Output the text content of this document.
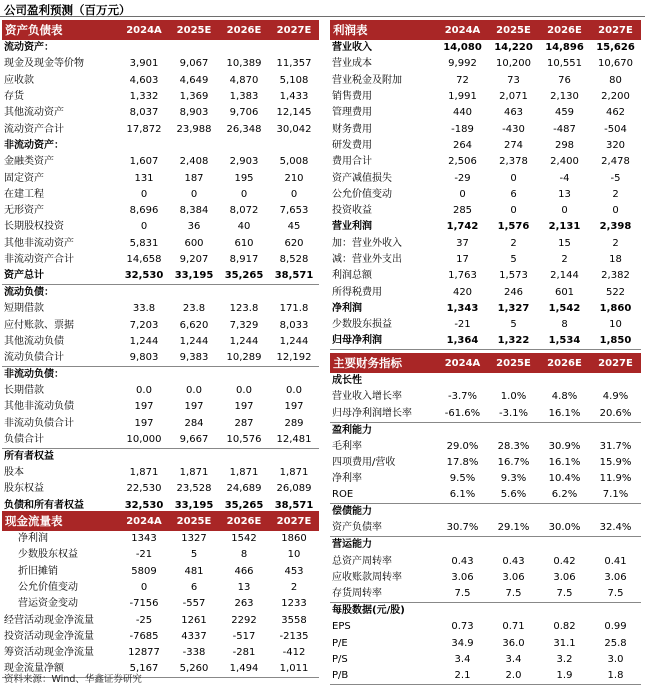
公司盈利预测（百万元）
资产负债表	2024A	2025E	2026E	2027E
流动资产：				
现金及现金等价物	3,901	9,067	10,389	11,357
应收款	4,603	4,649	4,870	5,108
存货	1,332	1,369	1,383	1,433
其他流动资产	8,037	8,903	9,706	12,145
流动资产合计	17,872	23,988	26,348	30,042
非流动资产：				
金融类资产	1,607	2,408	2,903	5,008
固定资产	131	187	195	210
在建工程	0	0	0	0
无形资产	8,696	8,384	8,072	7,653
长期股权投资	0	36	40	45
其他非流动资产	5,831	600	610	620
非流动资产合计	14,658	9,207	8,917	8,528
资产总计	32,530	33,195	35,265	38,571
流动负债：				
短期借款	33.8	23.8	123.8	171.8
应付账款、票据	7,203	6,620	7,329	8,033
其他流动负债	1,244	1,244	1,244	1,244
流动负债合计	9,803	9,383	10,289	12,192
非流动负债：				
长期借款	0.0	0.0	0.0	0.0
其他非流动负债	197	197	197	197
非流动负债合计	197	284	287	289
负债合计	10,000	9,667	10,576	12,481
所有者权益				
股本	1,871	1,871	1,871	1,871
股东权益	22,530	23,528	24,689	26,089
负债和所有者权益	32,530	33,195	35,265	38,571
现金流量表	2024A	2025E	2026E	2027E
净利润	1343	1327	1542	1860
少数股东权益	-21	5	8	10
折旧摊销	5809	481	466	453
公允价值变动	0	6	13	2
营运资金变动	-7156	-557	263	1233
经营活动现金净流量	-25	1261	2292	3558
投资活动现金净流量	-7685	4337	-517	-2135
筹资活动现金净流量	12877	-338	-281	-412
现金流量净额	5,167	5,260	1,494	1,011
利润表	2024A	2025E	2026E	2027E
营业收入	14,080	14,220	14,896	15,626
营业成本	9,992	10,200	10,551	10,670
营业税金及附加	72	73	76	80
销售费用	1,991	2,071	2,130	2,200
管理费用	440	463	459	462
财务费用	-189	-430	-487	-504
研发费用	264	274	298	320
费用合计	2,506	2,378	2,400	2,478
资产减值损失	-29	0	-4	-5
公允价值变动	0	6	13	2
投资收益	285	0	0	0
营业利润	1,742	1,576	2,131	2,398
加：营业外收入	37	2	15	2
减：营业外支出	17	5	2	18
利润总额	1,763	1,573	2,144	2,382
所得税费用	420	246	601	522
净利润	1,343	1,327	1,542	1,860
少数股东损益	-21	5	8	10
归母净利润	1,364	1,322	1,534	1,850
主要财务指标	2024A	2025E	2026E	2027E
成长性				
营业收入增长率	-3.7%	1.0%	4.8%	4.9%
归母净利润增长率	-61.6%	-3.1%	16.1%	20.6%
盈利能力				
毛利率	29.0%	28.3%	30.9%	31.7%
四项费用/营收	17.8%	16.7%	16.1%	15.9%
净利率	9.5%	9.3%	10.4%	11.9%
ROE	6.1%	5.6%	6.2%	7.1%
偿债能力				
资产负债率	30.7%	29.1%	30.0%	32.4%
营运能力				
总资产周转率	0.43	0.43	0.42	0.41
应收账款周转率	3.06	3.06	3.06	3.06
存货周转率	7.5	7.5	7.5	7.5
每股数据(元/股)				
EPS	0.73	0.71	0.82	0.99
P/E	34.9	36.0	31.1	25.8
P/S	3.4	3.4	3.2	3.0
P/B	2.1	2.0	1.9	1.8
资料来源：Wind、华鑫证券研究
